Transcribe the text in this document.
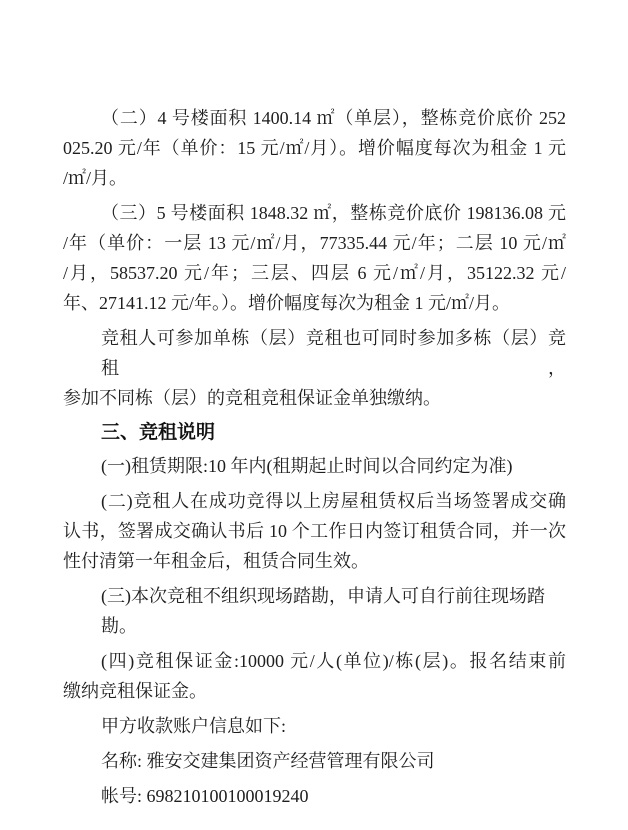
（二）4 号楼面积 1400.14 ㎡（单层），整栋竞价底价 252
025.20 元/年（单价：15 元/㎡/月）。增价幅度每次为租金 1 元
/㎡/月。
（三）5 号楼面积 1848.32 ㎡，整栋竞价底价 198136.08 元
/年（单价：一层 13 元/㎡/月，77335.44 元/年；二层 10 元/㎡
/月，58537.20 元/年；三层、四层 6 元/㎡/月，35122.32 元/
年、27141.12 元/年。）。增价幅度每次为租金 1 元/㎡/月。
竞租人可参加单栋（层）竞租也可同时参加多栋（层）竞租，
参加不同栋（层）的竞租竞租保证金单独缴纳。
三、竞租说明
(一)租赁期限:10 年内(租期起止时间以合同约定为准)
(二)竞租人在成功竞得以上房屋租赁权后当场签署成交确
认书，签署成交确认书后 10 个工作日内签订租赁合同，并一次
性付清第一年租金后，租赁合同生效。
(三)本次竞租不组织现场踏勘，申请人可自行前往现场踏勘。
(四)竞租保证金:10000 元/人(单位)/栋(层)。报名结束前
缴纳竞租保证金。
甲方收款账户信息如下:
名称: 雅安交建集团资产经营管理有限公司
帐号: 698210100100019240
